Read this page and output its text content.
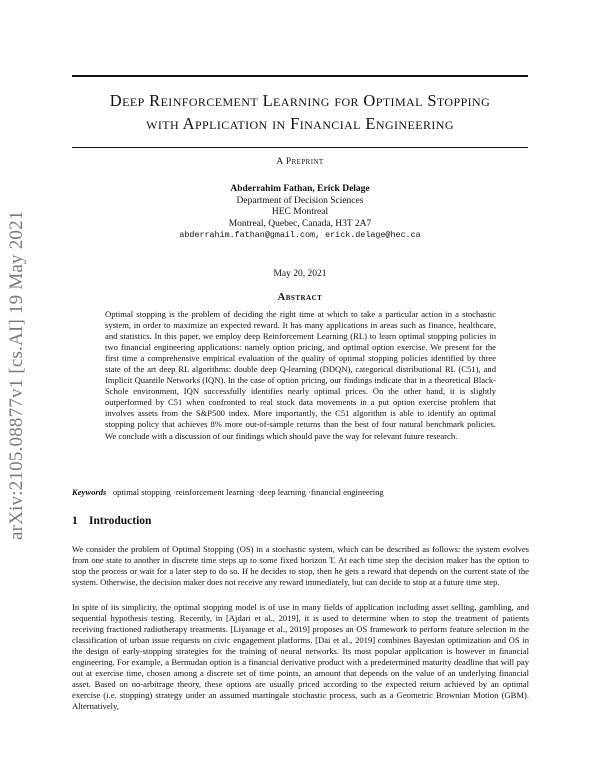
arXiv:2105.08877v1 [cs.AI] 19 May 2021
Deep Reinforcement Learning for Optimal Stopping
with Application in Financial Engineering
A Preprint
Abderrahim Fathan, Erick Delage
Department of Decision Sciences
HEC Montreal
Montreal, Quebec, Canada, H3T 2A7
abderrahim.fathan@gmail.com, erick.delage@hec.ca
May 20, 2021
Abstract
Optimal stopping is the problem of deciding the right time at which to take a particular action in a stochastic system, in order to maximize an expected reward. It has many applications in areas such as finance, healthcare, and statistics. In this paper, we employ deep Reinforcement Learning (RL) to learn optimal stopping policies in two financial engineering applications: namely option pricing, and optimal option exercise. We present for the first time a comprehensive empirical evaluation of the quality of optimal stopping policies identified by three state of the art deep RL algorithms: double deep Q-learning (DDQN), categorical distributional RL (C51), and Implicit Quantile Networks (IQN). In the case of option pricing, our findings indicate that in a theoretical Black-Schole environment, IQN successfully identifies nearly optimal prices. On the other hand, it is slightly outperformed by C51 when confronted to real stock data movements in a put option exercise problem that involves assets from the S&P500 index. More importantly, the C51 algorithm is able to identify an optimal stopping policy that achieves 8% more out-of-sample returns than the best of four natural benchmark policies. We conclude with a discussion of our findings which should pave the way for relevant future research.
Keywords optimal stopping · reinforcement learning · deep learning · financial engineering
1 Introduction
We consider the problem of Optimal Stopping (OS) in a stochastic system, which can be described as follows: the system evolves from one state to another in discrete time steps up to some fixed horizon T. At each time step the decision maker has the option to stop the process or wait for a later step to do so. If he decides to stop, then he gets a reward that depends on the current state of the system. Otherwise, the decision maker does not receive any reward immediately, but can decide to stop at a future time step.
In spite of its simplicity, the optimal stopping model is of use in many fields of application including asset selling, gambling, and sequential hypothesis testing. Recently, in [Ajdari et al., 2019], it is used to determine when to stop the treatment of patients receiving fractioned radiotherapy treatments. [Liyanage et al., 2019] proposes an OS framework to perform feature selection in the classification of urban issue requests on civic engagement platforms. [Dai et al., 2019] combines Bayesian optimization and OS in the design of early-stopping strategies for the training of neural networks. Its most popular application is however in financial engineering. For example, a Bermudan option is a financial derivative product with a predetermined maturity deadline that will pay out at exercise time, chosen among a discrete set of time points, an amount that depends on the value of an underlying financial asset. Based on no-arbitrage theory, these options are usually priced according to the expected return achieved by an optimal exercise (i.e. stopping) strategy under an assumed martingale stochastic process, such as a Geometric Brownian Motion (GBM). Alternatively,
